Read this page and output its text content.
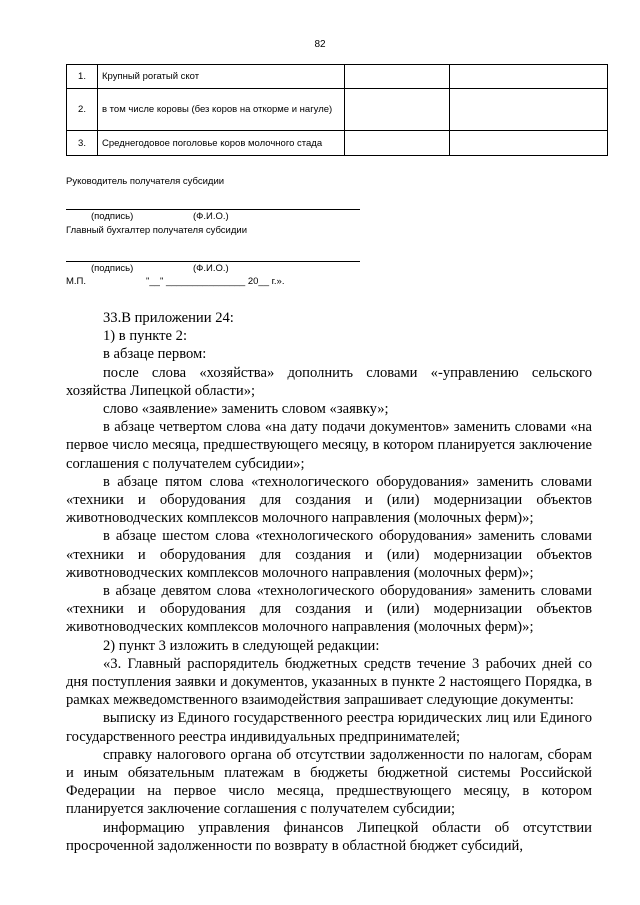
82
1.	Крупный рогатый скот		
2.	в том числе коровы (без коров на откорме и нагуле)		
3.	Среднегодовое поголовье коров молочного стада		
Руководитель получателя субсидии
(подпись)	(Ф.И.О.)
Главный бухгалтер получателя субсидии
(подпись)	(Ф.И.О.)
М.П.	"__" _______________ 20__ г.».

33.В приложении 24:

1) в пункте 2:

в абзаце первом:

после слова «хозяйства» дополнить словами «-управлению сельского хозяйства Липецкой области»;

слово «заявление» заменить словом «заявку»;

в абзаце четвертом слова «на дату подачи документов» заменить словами «на первое число месяца, предшествующего месяцу, в котором планируется заключение соглашения с получателем субсидии»;

в абзаце пятом слова «технологического оборудования» заменить словами «техники и оборудования для создания и (или) модернизации объектов животноводческих комплексов молочного направления (молочных ферм)»;

в абзаце шестом слова «технологического оборудования» заменить словами «техники и оборудования для создания и (или) модернизации объектов животноводческих комплексов молочного направления (молочных ферм)»;

в абзаце девятом слова «технологического оборудования» заменить словами «техники и оборудования для создания и (или) модернизации объектов животноводческих комплексов молочного направления (молочных ферм)»;

2) пункт 3 изложить в следующей редакции:

«3. Главный распорядитель бюджетных средств течение 3 рабочих дней со дня поступления заявки и документов, указанных в пункте 2 настоящего Порядка, в рамках межведомственного взаимодействия запрашивает следующие документы:

выписку из Единого государственного реестра юридических лиц или Единого государственного реестра индивидуальных предпринимателей;

справку налогового органа об отсутствии задолженности по налогам, сборам и иным обязательным платежам в бюджеты бюджетной системы Российской Федерации на первое число месяца, предшествующего месяцу, в котором планируется заключение соглашения с получателем субсидии;

информацию управления финансов Липецкой области об отсутствии просроченной задолженности по возврату в областной бюджет субсидий,
